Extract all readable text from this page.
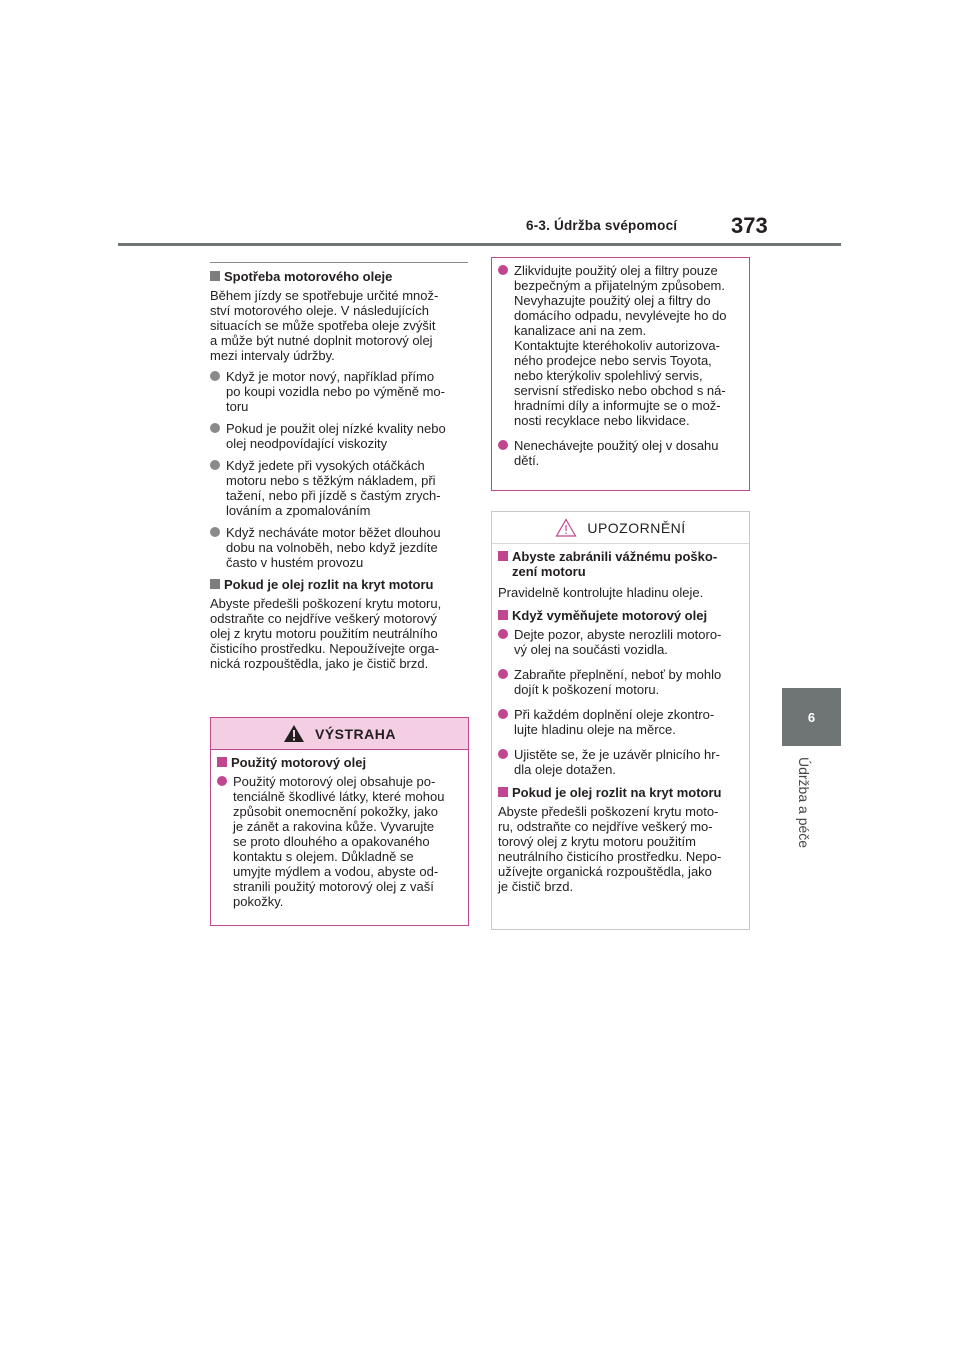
6-3. Údržba svépomocí 373
6
Údržba a péče
Spotřeba motorového oleje
Během jízdy se spotřebuje určité množ-
ství motorového oleje. V následujících
situacích se může spotřeba oleje zvýšit
a může být nutné doplnit motorový olej
mezi intervaly údržby.
Když je motor nový, například přímo
po koupi vozidla nebo po výměně mo-
toru
Pokud je použit olej nízké kvality nebo
olej neodpovídající viskozity
Když jedete při vysokých otáčkách
motoru nebo s těžkým nákladem, při
tažení, nebo při jízdě s častým zrych-
lováním a zpomalováním
Když necháváte motor běžet dlouhou
dobu na volnoběh, nebo když jezdíte
často v hustém provozu
Pokud je olej rozlit na kryt motoru
Abyste předešli poškození krytu motoru,
odstraňte co nejdříve veškerý motorový
olej z krytu motoru použitím neutrálního
čisticího prostředku. Nepoužívejte orga-
nická rozpouštědla, jako je čistič brzd.
VÝSTRAHA
Použitý motorový olej
Použitý motorový olej obsahuje po-
tenciálně škodlivé látky, které mohou
způsobit onemocnění pokožky, jako
je zánět a rakovina kůže. Vyvarujte
se proto dlouhého a opakovaného
kontaktu s olejem. Důkladně se
umyjte mýdlem a vodou, abyste od-
stranili použitý motorový olej z vaší
pokožky.
Zlikvidujte použitý olej a filtry pouze
bezpečným a přijatelným způsobem.
Nevyhazujte použitý olej a filtry do
domácího odpadu, nevylévejte ho do
kanalizace ani na zem.
Kontaktujte kteréhokoliv autorizova-
ného prodejce nebo servis Toyota,
nebo kterýkoliv spolehlivý servis,
servisní středisko nebo obchod s ná-
hradními díly a informujte se o mož-
nosti recyklace nebo likvidace.
Nenechávejte použitý olej v dosahu
dětí.
UPOZORNĚNÍ
Abyste zabránili vážnému poško-
zení motoru
Pravidelně kontrolujte hladinu oleje.
Když vyměňujete motorový olej
Dejte pozor, abyste nerozlili motoro-
vý olej na součásti vozidla.
Zabraňte přeplnění, neboť by mohlo
dojít k poškození motoru.
Při každém doplnění oleje zkontro-
lujte hladinu oleje na měrce.
Ujistěte se, že je uzávěr plnicího hr-
dla oleje dotažen.
Pokud je olej rozlit na kryt motoru
Abyste předešli poškození krytu moto-
ru, odstraňte co nejdříve veškerý mo-
torový olej z krytu motoru použitím
neutrálního čisticího prostředku. Nepo-
užívejte organická rozpouštědla, jako
je čistič brzd.
